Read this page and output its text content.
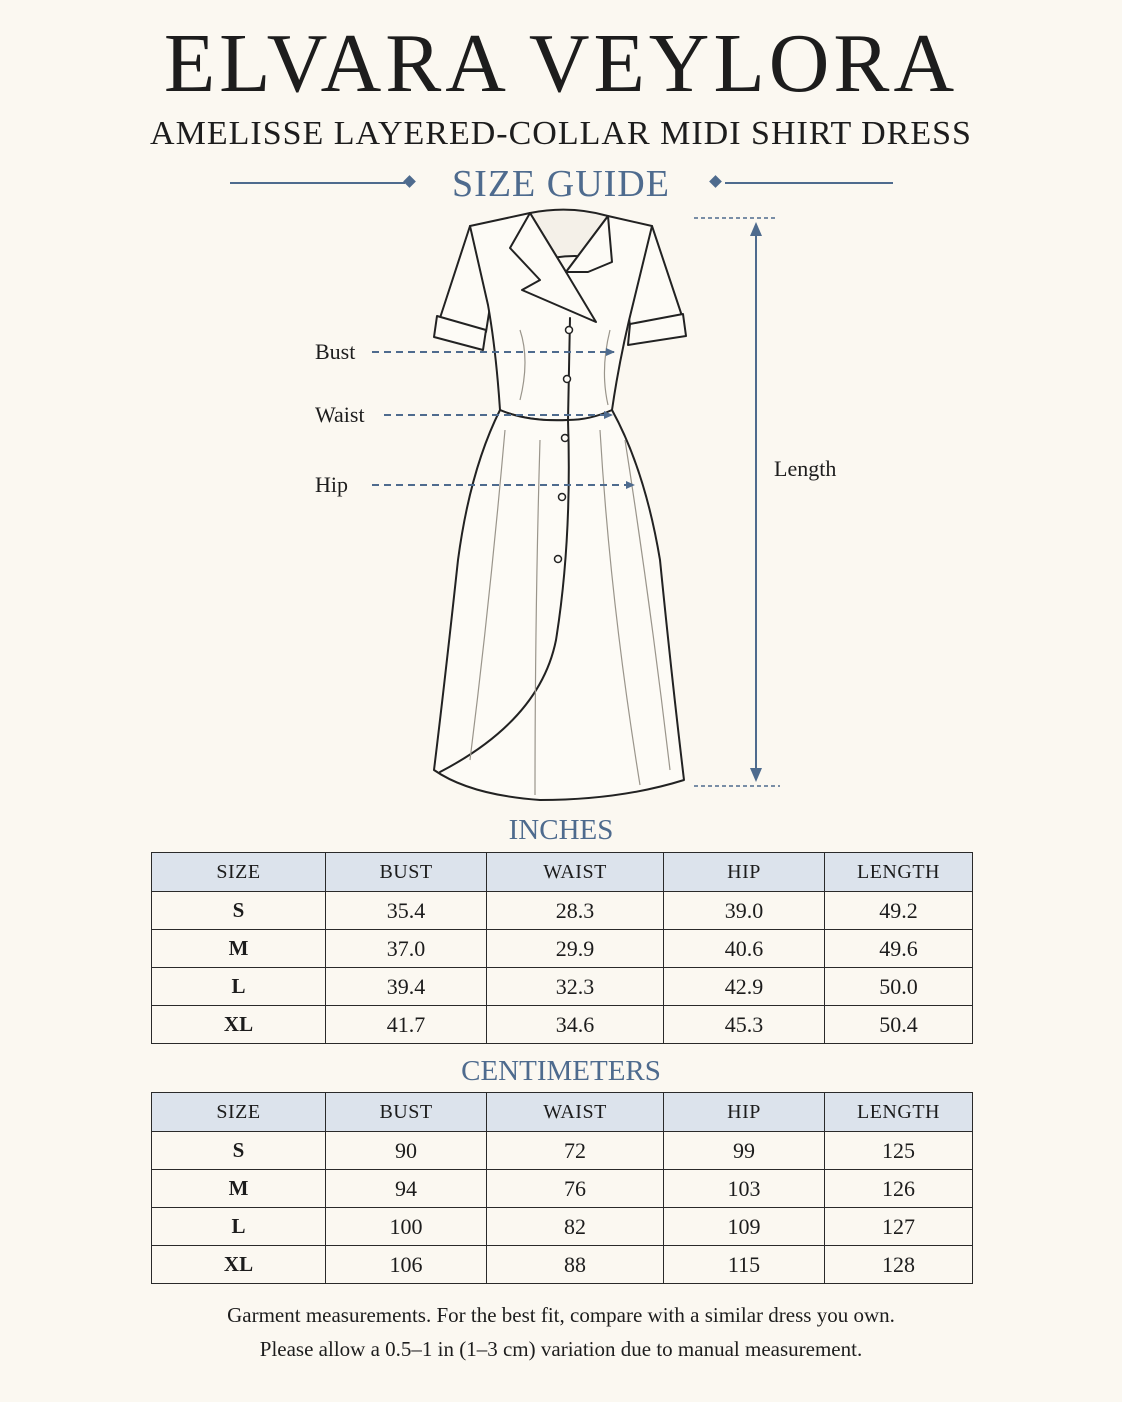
ELVARA VEYLORA
AMELISSE LAYERED-COLLAR MIDI SHIRT DRESS
SIZE GUIDE
Bust
Waist
Hip
Length
INCHES
SIZE	BUST	WAIST	HIP	LENGTH
S	35.4	28.3	39.0	49.2
M	37.0	29.9	40.6	49.6
L	39.4	32.3	42.9	50.0
XL	41.7	34.6	45.3	50.4
CENTIMETERS
SIZE	BUST	WAIST	HIP	LENGTH
S	90	72	99	125
M	94	76	103	126
L	100	82	109	127
XL	106	88	115	128
Garment measurements. For the best fit, compare with a similar dress you own.
Please allow a 0.5–1 in (1–3 cm) variation due to manual measurement.
